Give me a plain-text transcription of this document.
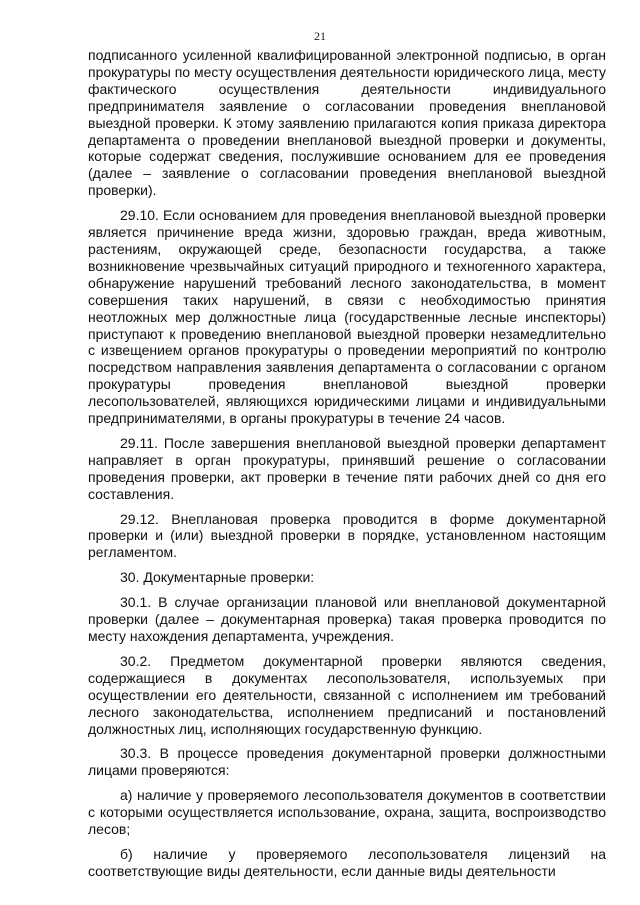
21

подписанного усиленной квалифицированной электронной подписью, в орган прокуратуры по месту осуществления деятельности юридического лица, месту фактического осуществления деятельности индивидуального предпринимателя заявление о согласовании проведения внеплановой выездной проверки. К этому заявлению прилагаются копия приказа директора департамента о проведении внеплановой выездной проверки и документы, которые содержат сведения, послужившие основанием для ее проведения (далее – заявление о согласовании проведения внеплановой выездной проверки).

29.10. Если основанием для проведения внеплановой выездной проверки является причинение вреда жизни, здоровью граждан, вреда животным, растениям, окружающей среде, безопасности государства, а также возникновение чрезвычайных ситуаций природного и техногенного характера, обнаружение нарушений требований лесного законодательства, в момент совершения таких нарушений, в связи с необходимостью принятия неотложных мер должностные лица (государственные лесные инспекторы) приступают к проведению внеплановой выездной проверки незамедлительно с извещением органов прокуратуры о проведении мероприятий по контролю посредством направления заявления департамента о согласовании с органом прокуратуры проведения внеплановой выездной проверки лесопользователей, являющихся юридическими лицами и индивидуальными предпринимателями, в органы прокуратуры в течение 24 часов.

29.11. После завершения внеплановой выездной проверки департамент направляет в орган прокуратуры, принявший решение о согласовании проведения проверки, акт проверки в течение пяти рабочих дней со дня его составления.

29.12. Внеплановая проверка проводится в форме документарной проверки и (или) выездной проверки в порядке, установленном настоящим регламентом.

30. Документарные проверки:

30.1. В случае организации плановой или внеплановой документарной проверки (далее – документарная проверка) такая проверка проводится по месту нахождения департамента, учреждения.

30.2. Предметом документарной проверки являются сведения, содержащиеся в документах лесопользователя, используемых при осуществлении его деятельности, связанной с исполнением им требований лесного законодательства, исполнением предписаний и постановлений должностных лиц, исполняющих государственную функцию.

30.3. В процессе проведения документарной проверки должностными лицами проверяются:

а) наличие у проверяемого лесопользователя документов в соответствии с которыми осуществляется использование, охрана, защита, воспроизводство лесов;

б) наличие у проверяемого лесопользователя лицензий на соответствующие виды деятельности, если данные виды деятельности
